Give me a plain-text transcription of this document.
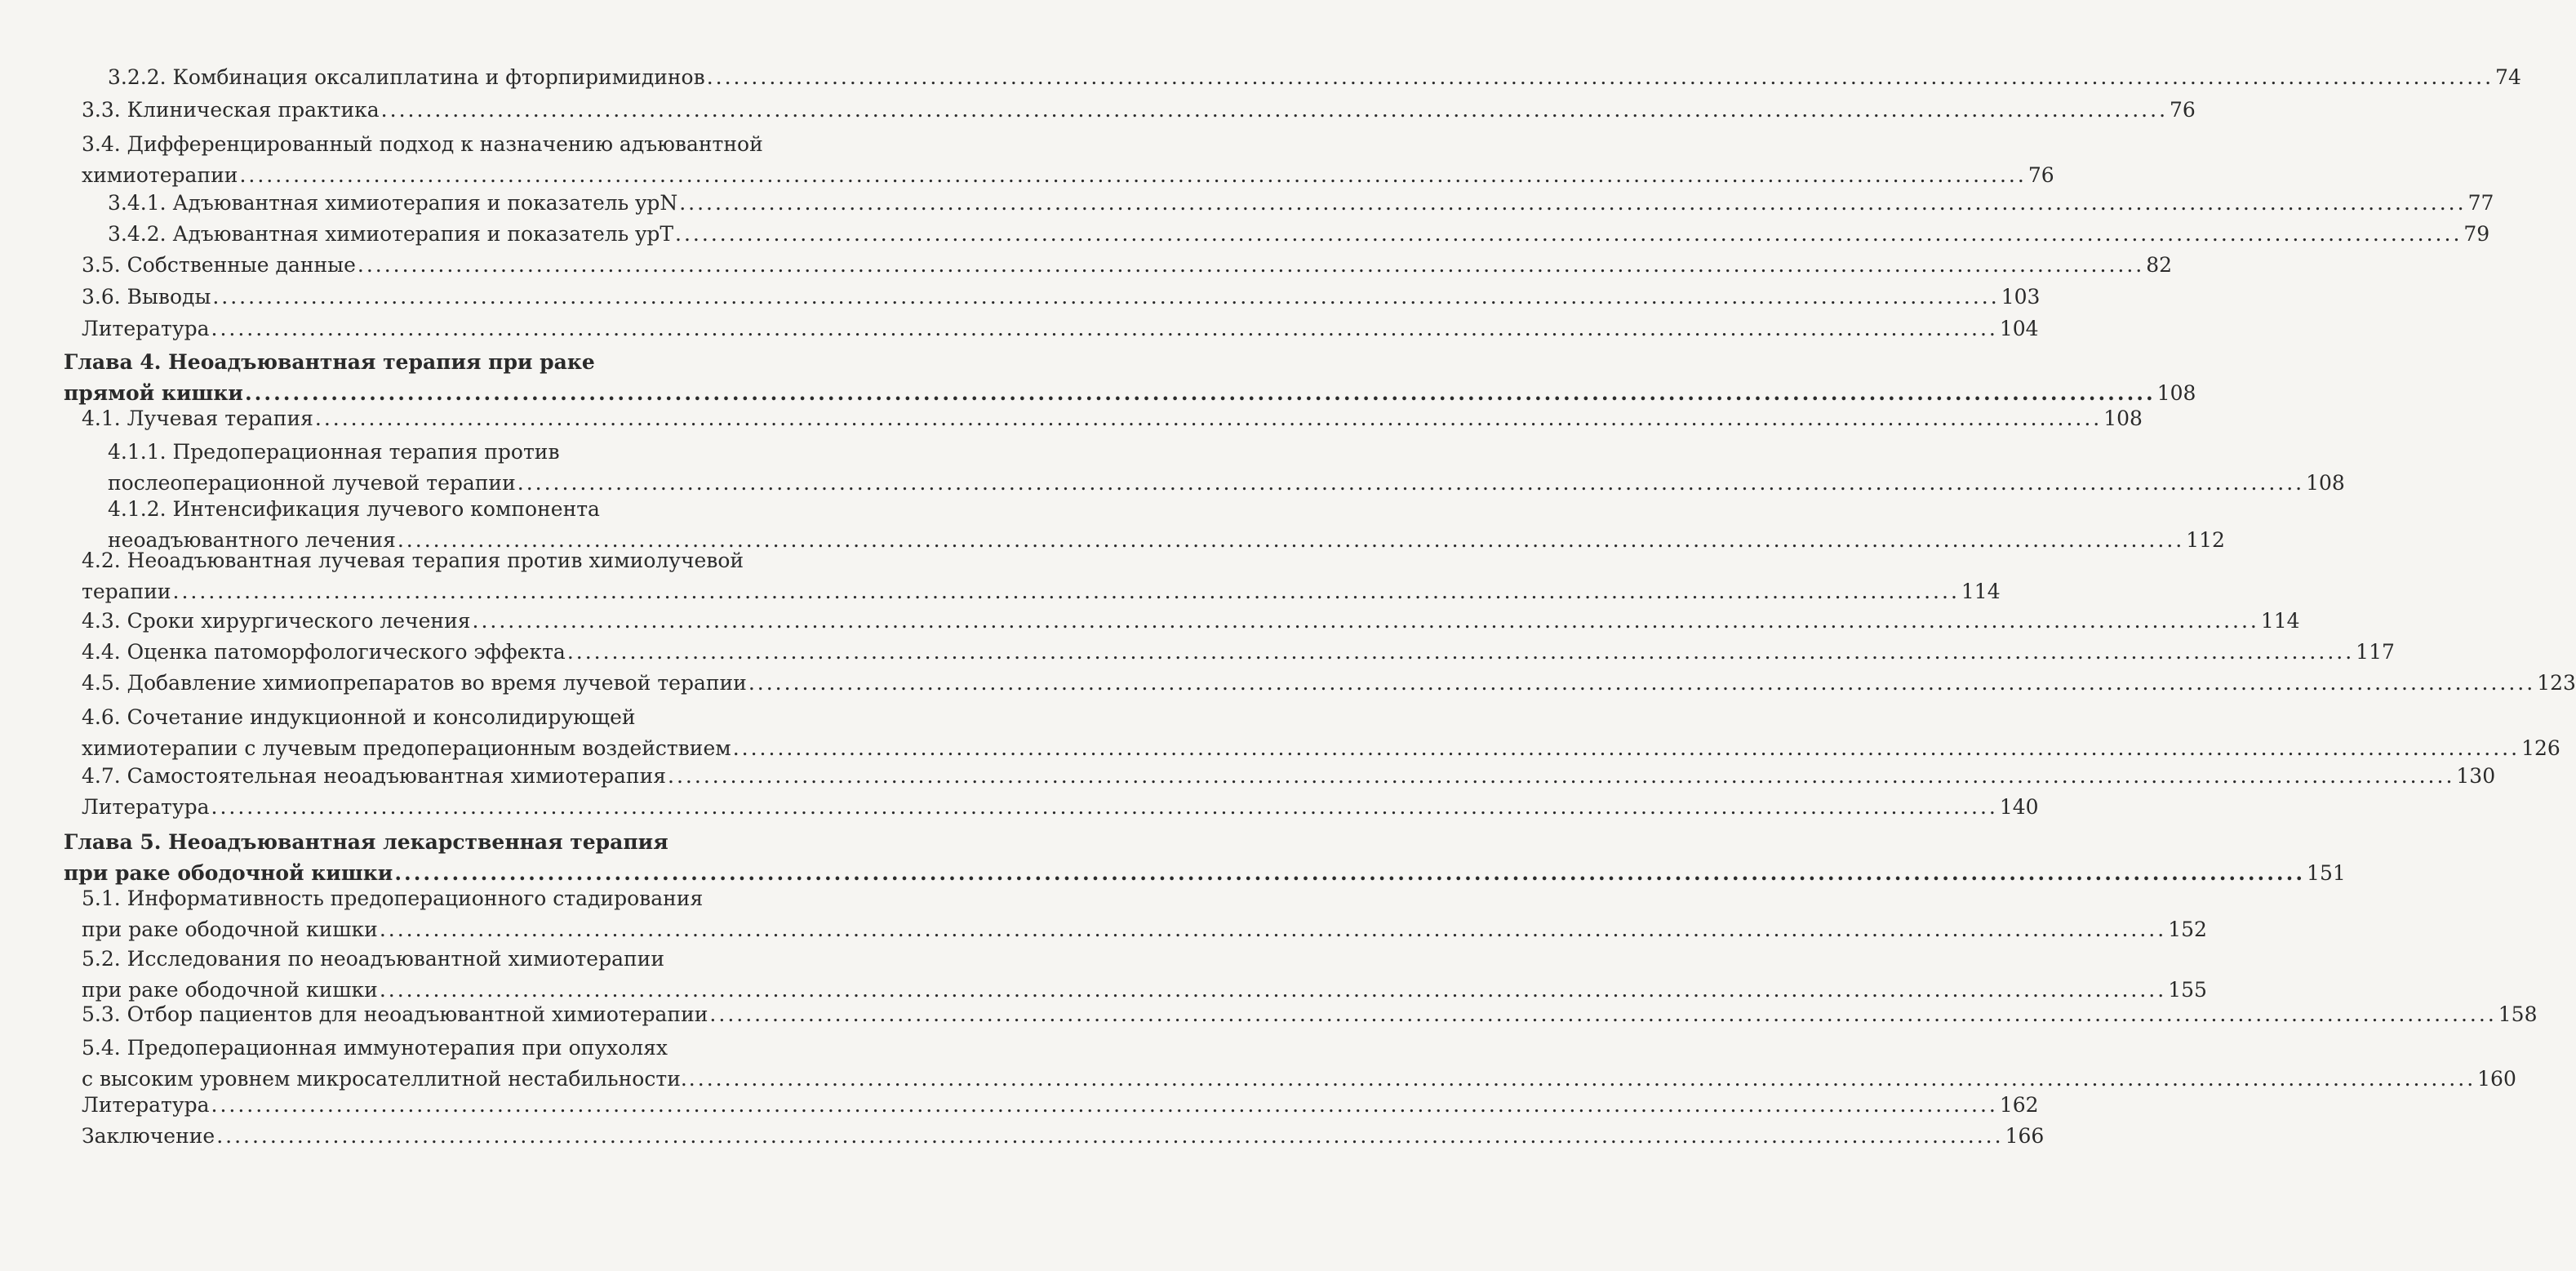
3.2.2. Комбинация оксалиплатина и фторпиримидинов .....	74
3.3. Клиническая практика .....	76
3.4. Дифференцированный подход к назначению адъювантной
химиотерапии .....	76
3.4.1. Адъювантная химиотерапия и показатель ypN .....	77
3.4.2. Адъювантная химиотерапия и показатель ypT .....	79
3.5. Собственные данные .....	82
3.6. Выводы .....	103
Литература .....	104
Глава 4. Неоадъювантная терапия при раке
прямой кишки .....	108
4.1. Лучевая терапия .....	108
4.1.1. Предоперационная терапия против
послеоперационной лучевой терапии .....	108
4.1.2. Интенсификация лучевого компонента
неоадъювантного лечения .....	112
4.2. Неоадъювантная лучевая терапия против химиолучевой
терапии .....	114
4.3. Сроки хирургического лечения .....	114
4.4. Оценка патоморфологического эффекта .....	117
4.5. Добавление химиопрепаратов во время лучевой терапии .....	123
4.6. Сочетание индукционной и консолидирующей
химиотерапии с лучевым предоперационным воздействием .....	126
4.7. Самостоятельная неоадъювантная химиотерапия .....	130
Литература .....	140
Глава 5. Неоадъювантная лекарственная терапия
при раке ободочной кишки .....	151
5.1. Информативность предоперационного стадирования
при раке ободочной кишки .....	152
5.2. Исследования по неоадъювантной химиотерапии
при раке ободочной кишки .....	155
5.3. Отбор пациентов для неоадъювантной химиотерапии .....	158
5.4. Предоперационная иммунотерапия при опухолях
с высоким уровнем микросателлитной нестабильности. .....	160
Литература .....	162
Заключение .....	166
